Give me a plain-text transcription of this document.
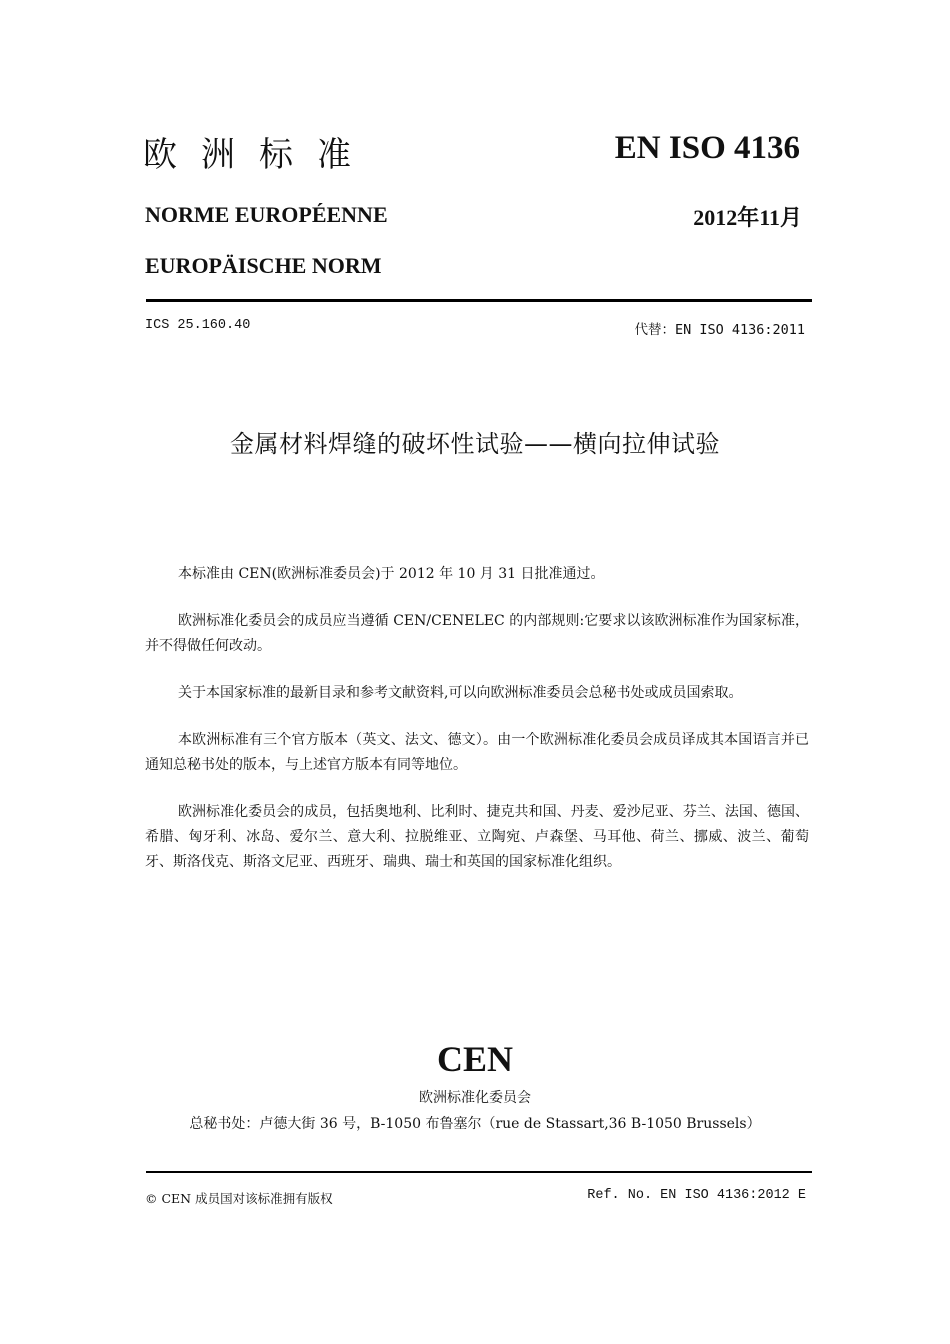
欧洲标准	EN ISO 4136
NORME EUROPÉENNE	2012年11月
EUROPÄISCHE NORM
ICS 25.160.40	代替：EN ISO 4136:2011
金属材料焊缝的破坏性试验——横向拉伸试验

本标准由 CEN(欧洲标准委员会)于 2012 年 10 月 31 日批准通过。

欧洲标准化委员会的成员应当遵循 CEN/CENELEC 的内部规则:它要求以该欧洲标准作为国家标准，并不得做任何改动。

关于本国家标准的最新目录和参考文献资料,可以向欧洲标准委员会总秘书处或成员国索取。

本欧洲标准有三个官方版本（英文、法文、德文）。由一个欧洲标准化委员会成员译成其本国语言并已通知总秘书处的版本，与上述官方版本有同等地位。

欧洲标准化委员会的成员，包括奥地利、比利时、捷克共和国、丹麦、爱沙尼亚、芬兰、法国、德国、希腊、匈牙利、冰岛、爱尔兰、意大利、拉脱维亚、立陶宛、卢森堡、马耳他、荷兰、挪威、波兰、葡萄牙、斯洛伐克、斯洛文尼亚、西班牙、瑞典、瑞士和英国的国家标准化组织。

CEN
欧洲标准化委员会
总秘书处：卢德大街 36 号，B-1050 布鲁塞尔（rue de Stassart,36 B-1050 Brussels）
© CEN 成员国对该标准拥有版权	Ref. No. EN ISO 4136:2012 E
